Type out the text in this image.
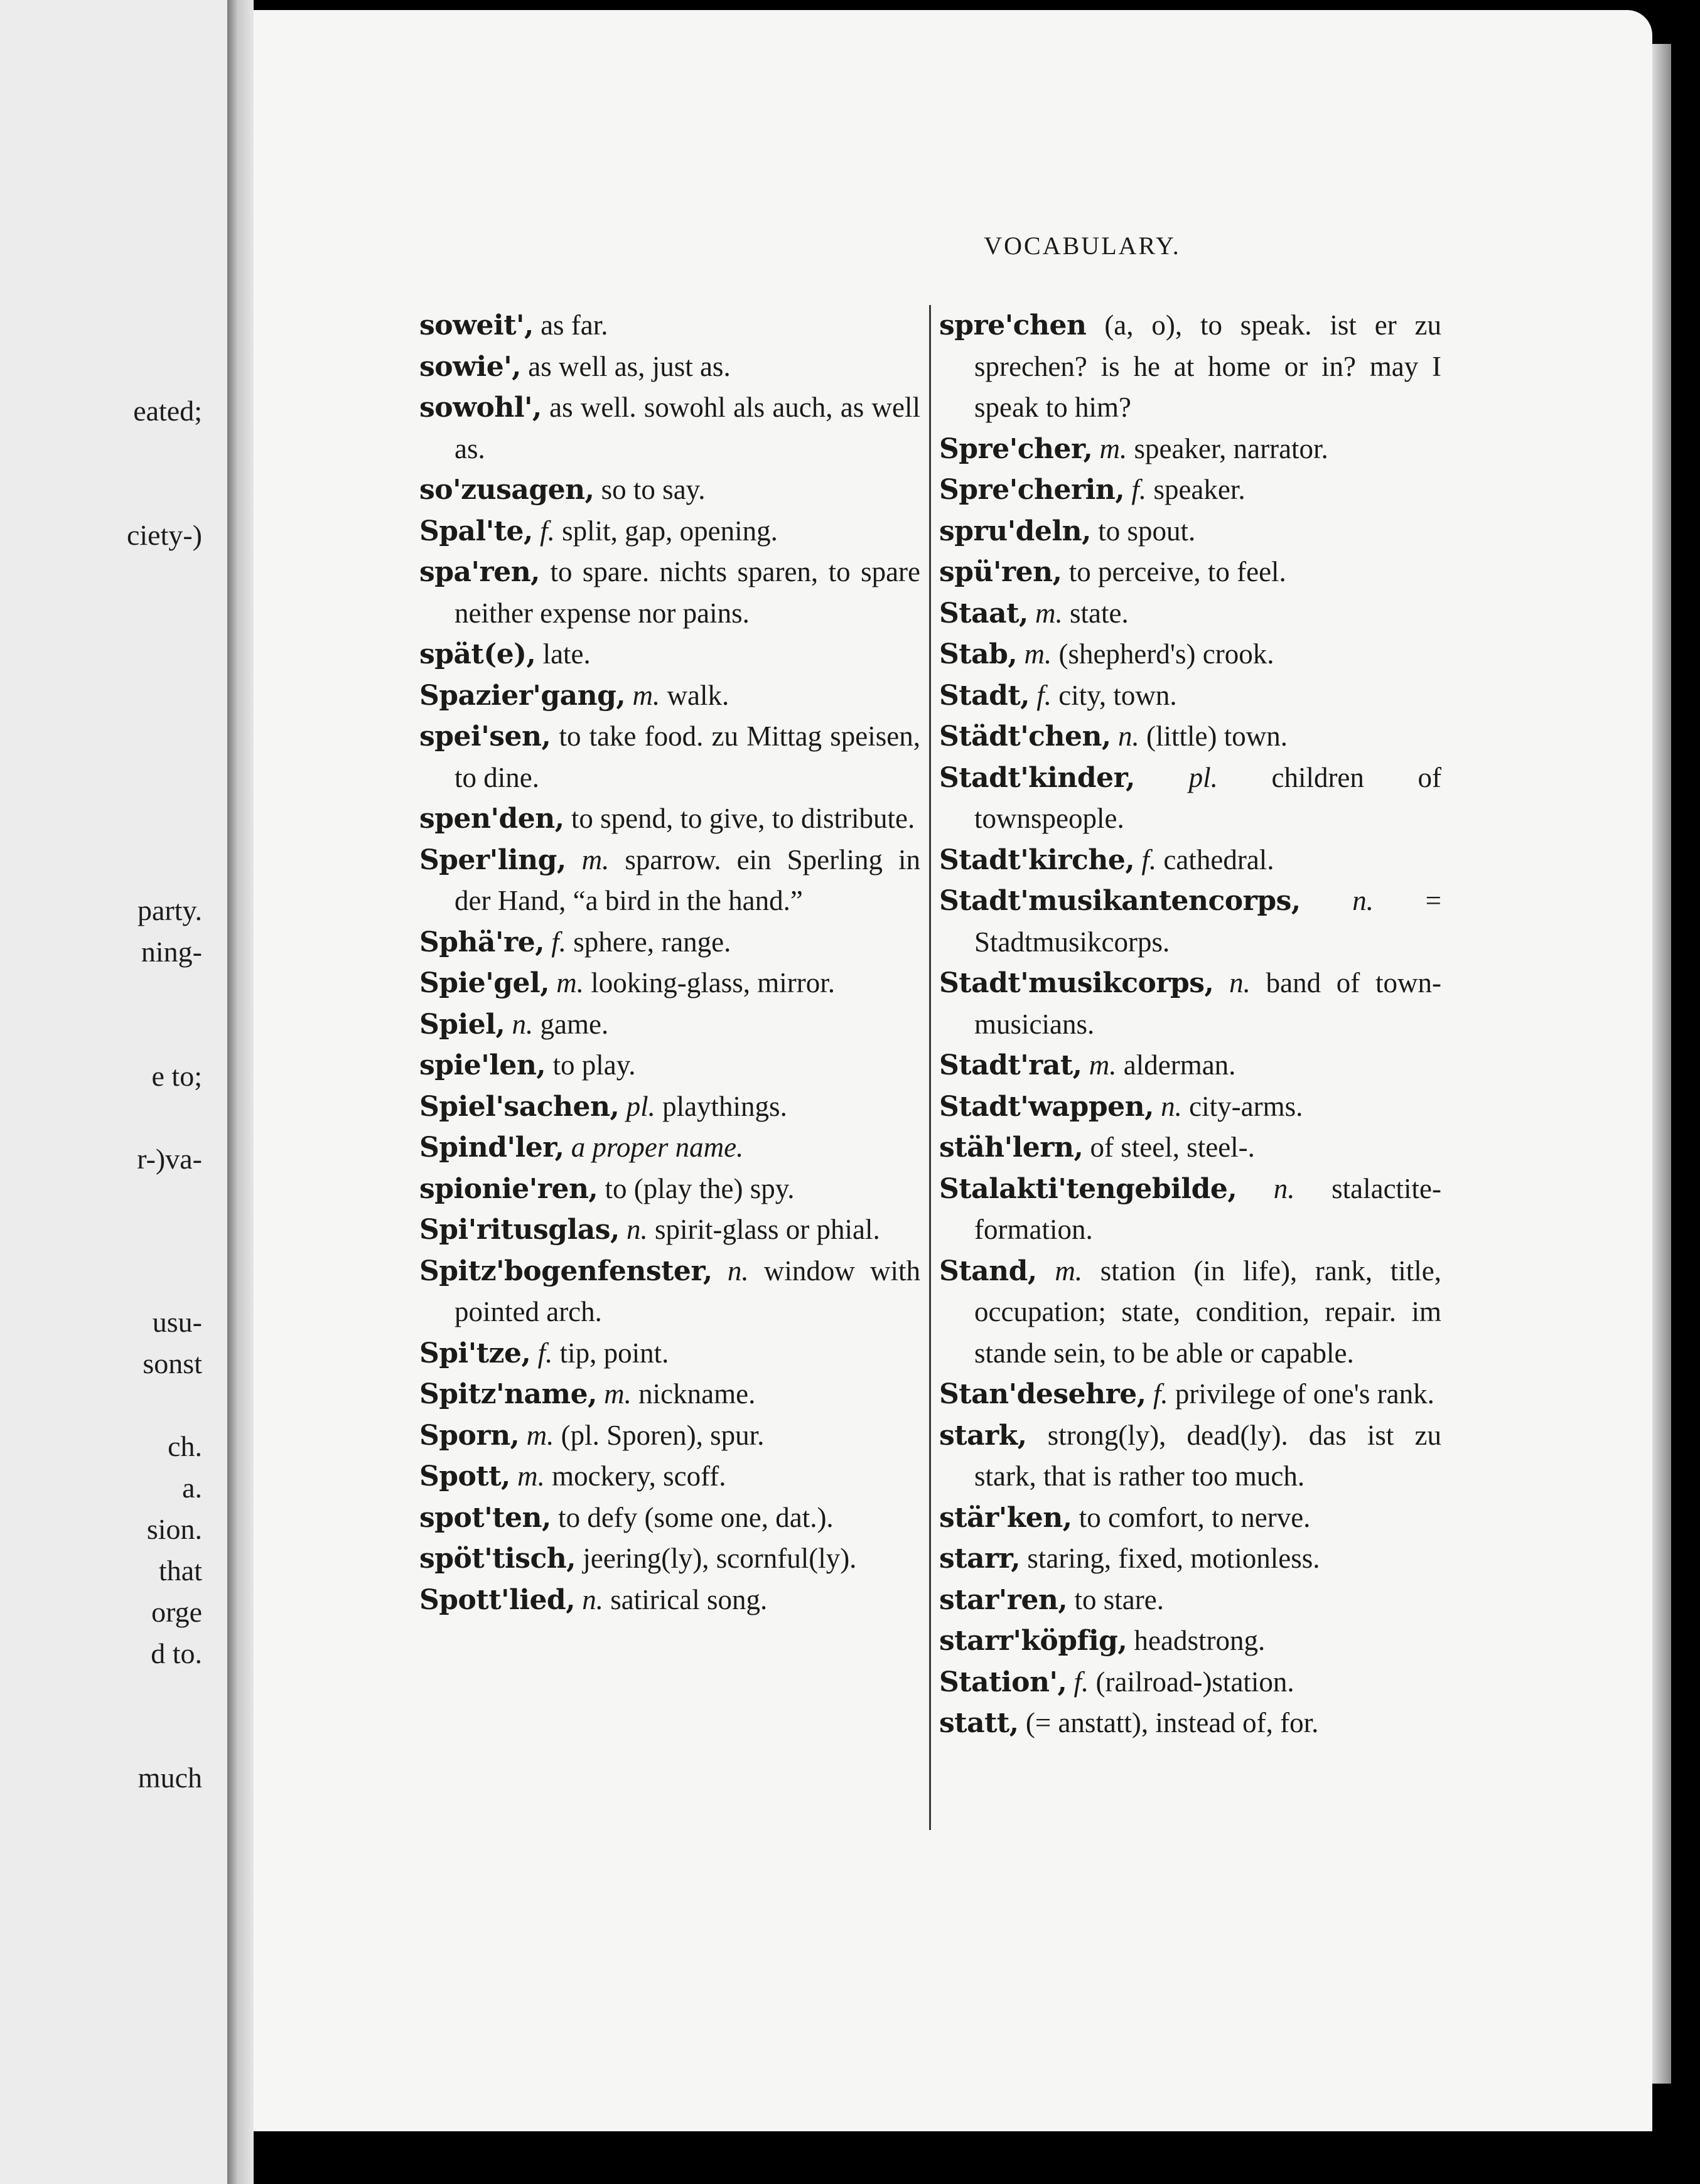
eated;
ciety-)
party.
ning-
e to;
r-)va-
usu-
sonst
ch.
a.
sion.
that
orge
d to.
much
VOCABULARY.
soweit', as far.
sowie', as well as, just as.
sowohl', as well. sowohl als auch, as well as.
so'zusagen, so to say.
Spal'te, f. split, gap, opening.
spa'ren, to spare. nichts sparen, to spare neither expense nor pains.
spät(e), late.
Spazier'gang, m. walk.
spei'sen, to take food. zu Mittag speisen, to dine.
spen'den, to spend, to give, to distribute.
Sper'ling, m. sparrow. ein Sperling in der Hand, “a bird in the hand.”
Sphä're, f. sphere, range.
Spie'gel, m. looking-glass, mirror.
Spiel, n. game.
spie'len, to play.
Spiel'sachen, pl. playthings.
Spind'ler, a proper name.
spionie'ren, to (play the) spy.
Spi'ritusglas, n. spirit-glass or phial.
Spitz'bogenfenster, n. window with pointed arch.
Spi'tze, f. tip, point.
Spitz'name, m. nickname.
Sporn, m. (pl. Sporen), spur.
Spott, m. mockery, scoff.
spot'ten, to defy (some one, dat.).
spöt'tisch, jeering(ly), scornful(ly).
Spott'lied, n. satirical song.
spre'chen (a, o), to speak. ist er zu sprechen? is he at home or in? may I speak to him?
Spre'cher, m. speaker, narrator.
Spre'cherin, f. speaker.
spru'deln, to spout.
spü'ren, to perceive, to feel.
Staat, m. state.
Stab, m. (shepherd's) crook.
Stadt, f. city, town.
Städt'chen, n. (little) town.
Stadt'kinder, pl. children of townspeople.
Stadt'kirche, f. cathedral.
Stadt'musikantencorps, n. = Stadtmusikcorps.
Stadt'musikcorps, n. band of town-musicians.
Stadt'rat, m. alderman.
Stadt'wappen, n. city-arms.
stäh'lern, of steel, steel-.
Stalakti'tengebilde, n. stalactite-formation.
Stand, m. station (in life), rank, title, occupation; state, condition, repair. im stande sein, to be able or capable.
Stan'desehre, f. privilege of one's rank.
stark, strong(ly), dead(ly). das ist zu stark, that is rather too much.
stär'ken, to comfort, to nerve.
starr, staring, fixed, motionless.
star'ren, to stare.
starr'köpfig, headstrong.
Station', f. (railroad-)station.
statt, (= anstatt), instead of, for.
